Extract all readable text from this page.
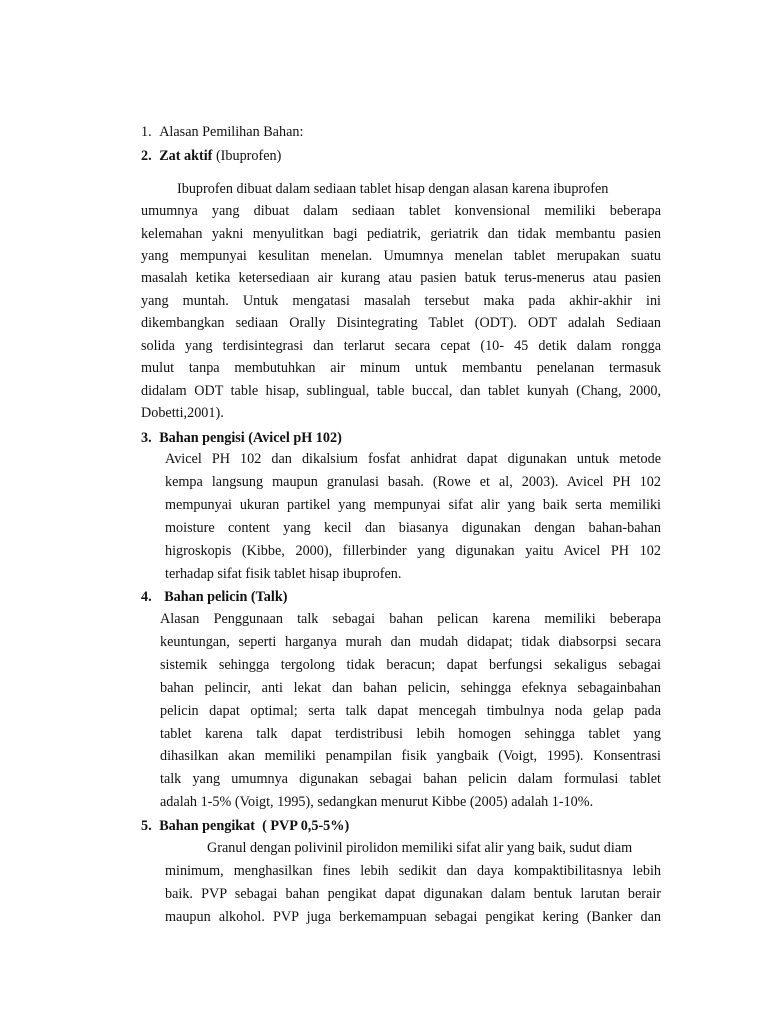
1. Alasan Pemilihan Bahan:
2. Zat aktif (Ibuprofen)
Ibuprofen dibuat dalam sediaan tablet hisap dengan alasan karena ibuprofen
umumnya yang dibuat dalam sediaan tablet konvensional memiliki beberapa
kelemahan yakni menyulitkan bagi pediatrik, geriatrik dan tidak membantu pasien
yang mempunyai kesulitan menelan. Umumnya menelan tablet merupakan suatu
masalah ketika ketersediaan air kurang atau pasien batuk terus-menerus atau pasien
yang muntah. Untuk mengatasi masalah tersebut maka pada akhir-akhir ini
dikembangkan sediaan Orally Disintegrating Tablet (ODT). ODT adalah Sediaan
solida yang terdisintegrasi dan terlarut secara cepat (10- 45 detik dalam rongga
mulut tanpa membutuhkan air minum untuk membantu penelanan termasuk
didalam ODT table hisap, sublingual, table buccal, dan tablet kunyah (Chang, 2000,
Dobetti,2001).
3. Bahan pengisi (Avicel pH 102)
Avicel PH 102 dan dikalsium fosfat anhidrat dapat digunakan untuk metode
kempa langsung maupun granulasi basah. (Rowe et al, 2003). Avicel PH 102
mempunyai ukuran partikel yang mempunyai sifat alir yang baik serta memiliki
moisture content yang kecil dan biasanya digunakan dengan bahan-bahan
higroskopis (Kibbe, 2000), fillerbinder yang digunakan yaitu Avicel PH 102
terhadap sifat fisik tablet hisap ibuprofen.
4. Bahan pelicin (Talk)
Alasan Penggunaan talk sebagai bahan pelican karena memiliki beberapa
keuntungan, seperti harganya murah dan mudah didapat; tidak diabsorpsi secara
sistemik sehingga tergolong tidak beracun; dapat berfungsi sekaligus sebagai
bahan pelincir, anti lekat dan bahan pelicin, sehingga efeknya sebagainbahan
pelicin dapat optimal; serta talk dapat mencegah timbulnya noda gelap pada
tablet karena talk dapat terdistribusi lebih homogen sehingga tablet yang
dihasilkan akan memiliki penampilan fisik yangbaik (Voigt, 1995). Konsentrasi
talk yang umumnya digunakan sebagai bahan pelicin dalam formulasi tablet
adalah 1-5% (Voigt, 1995), sedangkan menurut Kibbe (2005) adalah 1-10%.
5. Bahan pengikat  ( PVP 0,5-5%)
Granul dengan polivinil pirolidon memiliki sifat alir yang baik, sudut diam
minimum, menghasilkan fines lebih sedikit dan daya kompaktibilitasnya lebih
baik. PVP sebagai bahan pengikat dapat digunakan dalam bentuk larutan berair
maupun alkohol. PVP juga berkemampuan sebagai pengikat kering (Banker dan
